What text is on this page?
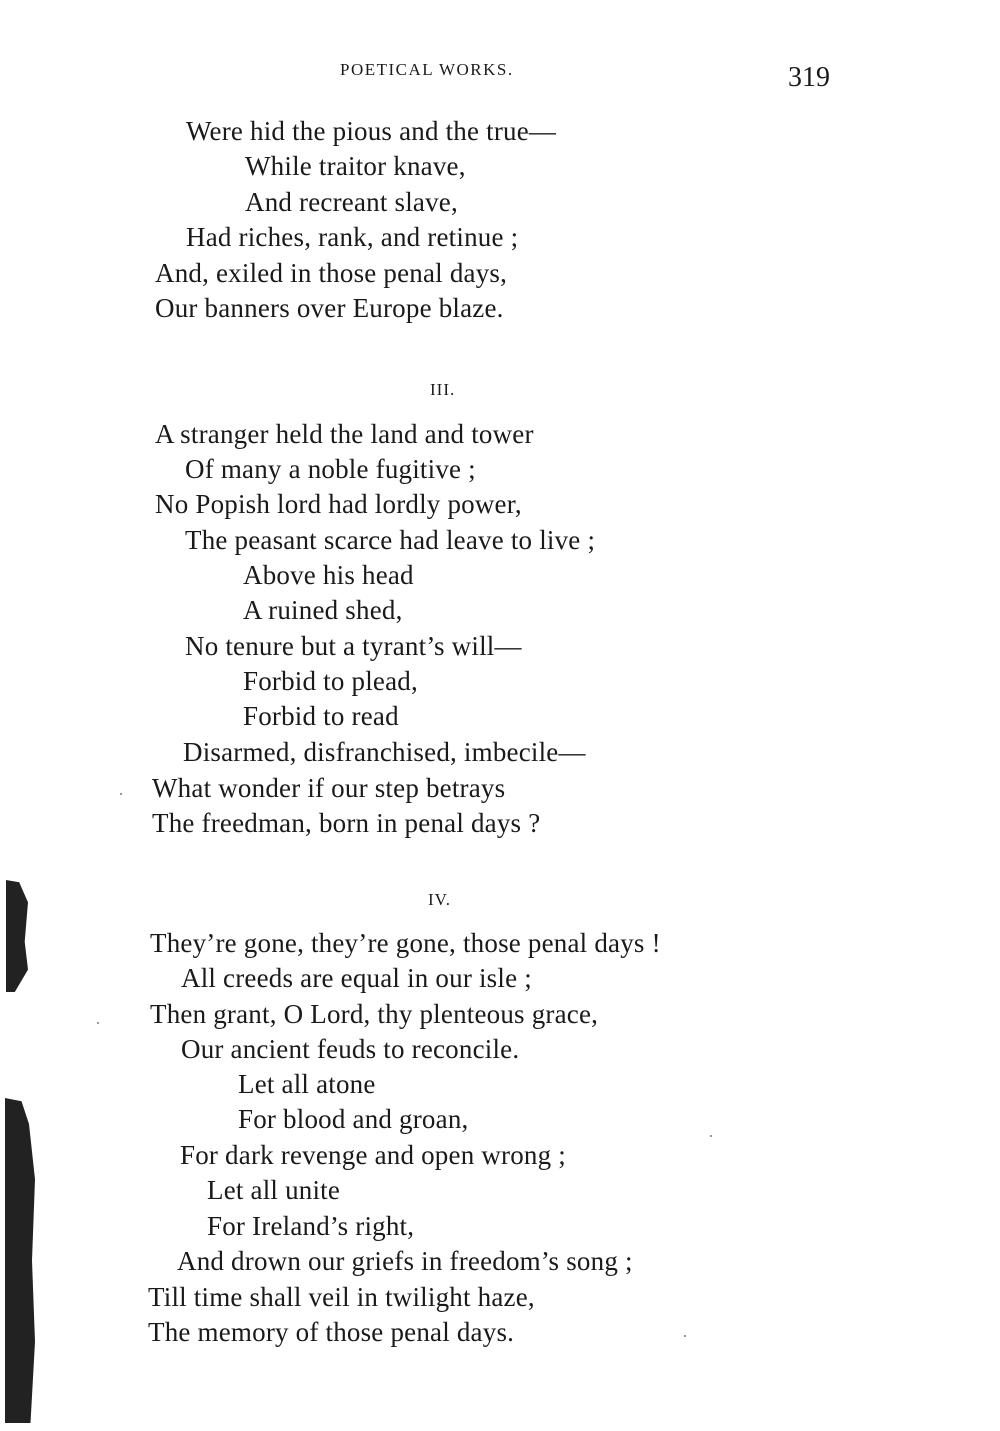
POETICAL WORKS.	319
Were hid the pious and the true—
While traitor knave,
And recreant slave,
Had riches, rank, and retinue ;
And, exiled in those penal days,
Our banners over Europe blaze.
III.
A stranger held the land and tower
Of many a noble fugitive ;
No Popish lord had lordly power,
The peasant scarce had leave to live ;
Above his head
A ruined shed,
No tenure but a tyrant’s will—
Forbid to plead,
Forbid to read
Disarmed, disfranchised, imbecile—
What wonder if our step betrays
The freedman, born in penal days ?
IV.
They’re gone, they’re gone, those penal days !
All creeds are equal in our isle ;
Then grant, O Lord, thy plenteous grace,
Our ancient feuds to reconcile.
Let all atone
For blood and groan,
For dark revenge and open wrong ;
Let all unite
For Ireland’s right,
And drown our griefs in freedom’s song ;
Till time shall veil in twilight haze,
The memory of those penal days.
